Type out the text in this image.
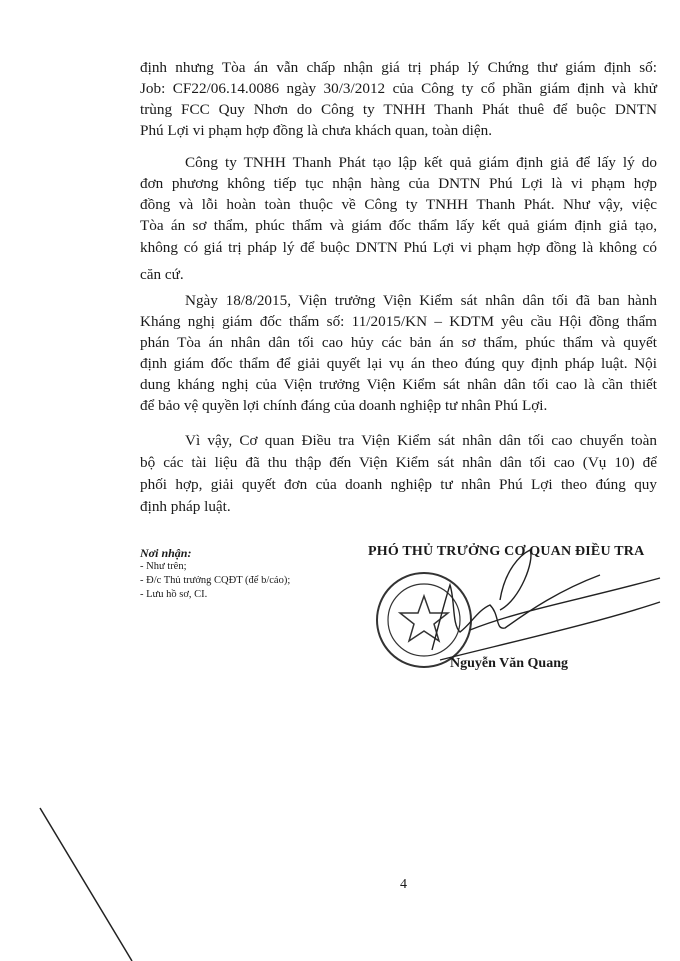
định nhưng Tòa án vẫn chấp nhận giá trị pháp lý Chứng thư giám định số:
Job: CF22/06.14.0086 ngày 30/3/2012 của Công ty cổ phần giám định và khử
trùng FCC Quy Nhơn do Công ty TNHH Thanh Phát thuê để buộc DNTN
Phú Lợi vi phạm hợp đồng là chưa khách quan, toàn diện.
Công ty TNHH Thanh Phát tạo lập kết quả giám định giả để lấy lý do
đơn phương không tiếp tục nhận hàng của DNTN Phú Lợi là vi phạm hợp
đồng và lỗi hoàn toàn thuộc về Công ty TNHH Thanh Phát. Như vậy, việc
Tòa án sơ thẩm, phúc thẩm và giám đốc thẩm lấy kết quả giám định giả tạo,
không có giá trị pháp lý để buộc DNTN Phú Lợi vi phạm hợp đồng là không có
căn cứ.
Ngày 18/8/2015, Viện trưởng Viện Kiểm sát nhân dân tối đã ban hành
Kháng nghị giám đốc thẩm số: 11/2015/KN – KDTM yêu cầu Hội đồng thẩm
phán Tòa án nhân dân tối cao hủy các bản án sơ thẩm, phúc thẩm và quyết
định giám đốc thẩm để giải quyết lại vụ án theo đúng quy định pháp luật. Nội
dung kháng nghị của Viện trưởng Viện Kiểm sát nhân dân tối cao là cần thiết
để bảo vệ quyền lợi chính đáng của doanh nghiệp tư nhân Phú Lợi.
Vì vậy, Cơ quan Điều tra Viện Kiểm sát nhân dân tối cao chuyển toàn
bộ các tài liệu đã thu thập đến Viện Kiểm sát nhân dân tối cao (Vụ 10) để
phối hợp, giải quyết đơn của doanh nghiệp tư nhân Phú Lợi theo đúng quy
định pháp luật.
Nơi nhận:
- Như trên;
- Đ/c Thủ trưởng CQĐT (để b/cáo);
- Lưu hồ sơ, CI.
PHÓ THỦ TRƯỞNG CƠ QUAN ĐIỀU TRA
Nguyễn Văn Quang
4
